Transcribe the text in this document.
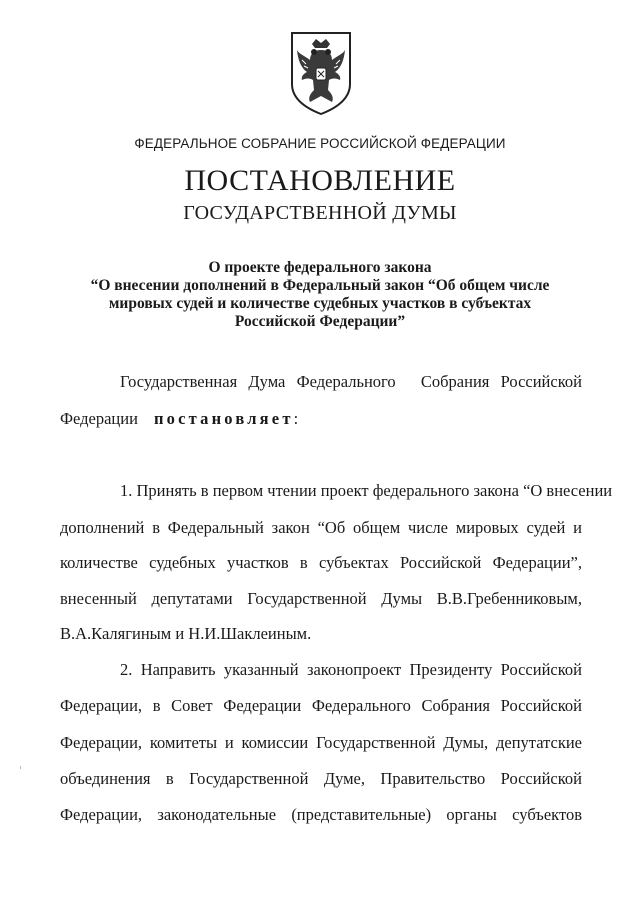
ФЕДЕРАЛЬНОЕ СОБРАНИЕ РОССИЙСКОЙ ФЕДЕРАЦИИ
ПОСТАНОВЛЕНИЕ
ГОСУДАРСТВЕННОЙ ДУМЫ
О проекте федерального закона
“О внесении дополнений в Федеральный закон “Об общем числе
мировых судей и количестве судебных участков в субъектах
Российской Федерации”
Государственная Дума Федерального Собрания Российской
Федерации постановляет:
1. Принять в первом чтении проект федерального закона “О внесении
дополнений в Федеральный закон “Об общем числе мировых судей и
количестве судебных участков в субъектах Российской Федерации”,
внесенный депутатами Государственной Думы В.В.Гребенниковым,
В.А.Калягиным и Н.И.Шаклеиным.
2. Направить указанный законопроект Президенту Российской
Федерации, в Совет Федерации Федерального Собрания Российской
Федерации, комитеты и комиссии Государственной Думы, депутатские
объединения в Государственной Думе, Правительство Российской
Федерации, законодательные (представительные) органы субъектов
